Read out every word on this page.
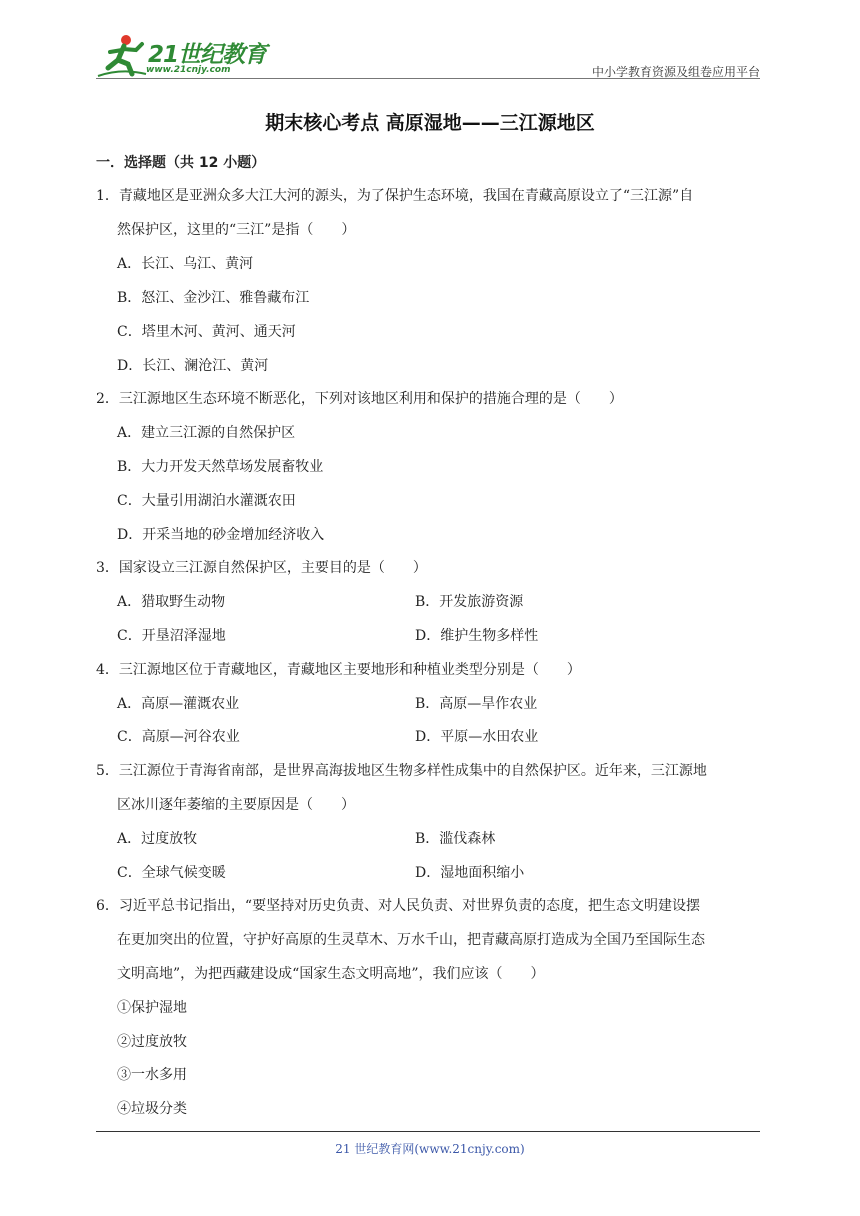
21世纪教育
www.21cnjy.com	中小学教育资源及组卷应用平台
期末核心考点 高原湿地——三江源地区
一．选择题（共 12 小题）
1．青藏地区是亚洲众多大江大河的源头，为了保护生态环境，我国在青藏高原设立了“三江源”自
然保护区，这里的“三江”是指（　　）
A．长江、乌江、黄河
B．怒江、金沙江、雅鲁藏布江
C．塔里木河、黄河、通天河
D．长江、澜沧江、黄河
2．三江源地区生态环境不断恶化，下列对该地区利用和保护的措施合理的是（　　）
A．建立三江源的自然保护区
B．大力开发天然草场发展畜牧业
C．大量引用湖泊水灌溉农田
D．开采当地的砂金增加经济收入
3．国家设立三江源自然保护区，主要目的是（　　）
A．猎取野生动物	B．开发旅游资源
C．开垦沼泽湿地	D．维护生物多样性
4．三江源地区位于青藏地区，青藏地区主要地形和种植业类型分别是（　　）
A．高原—灌溉农业	B．高原—旱作农业
C．高原—河谷农业	D．平原—水田农业
5．三江源位于青海省南部，是世界高海拔地区生物多样性成集中的自然保护区。近年来，三江源地
区冰川逐年萎缩的主要原因是（　　）
A．过度放牧	B．滥伐森林
C．全球气候变暖	D．湿地面积缩小
6．习近平总书记指出，“要坚持对历史负责、对人民负责、对世界负责的态度，把生态文明建设摆
在更加突出的位置，守护好高原的生灵草木、万水千山，把青藏高原打造成为全国乃至国际生态
文明高地”，为把西藏建设成“国家生态文明高地”，我们应该（　　）
①保护湿地
②过度放牧
③一水多用
④垃圾分类
21 世纪教育网(www.21cnjy.com)
